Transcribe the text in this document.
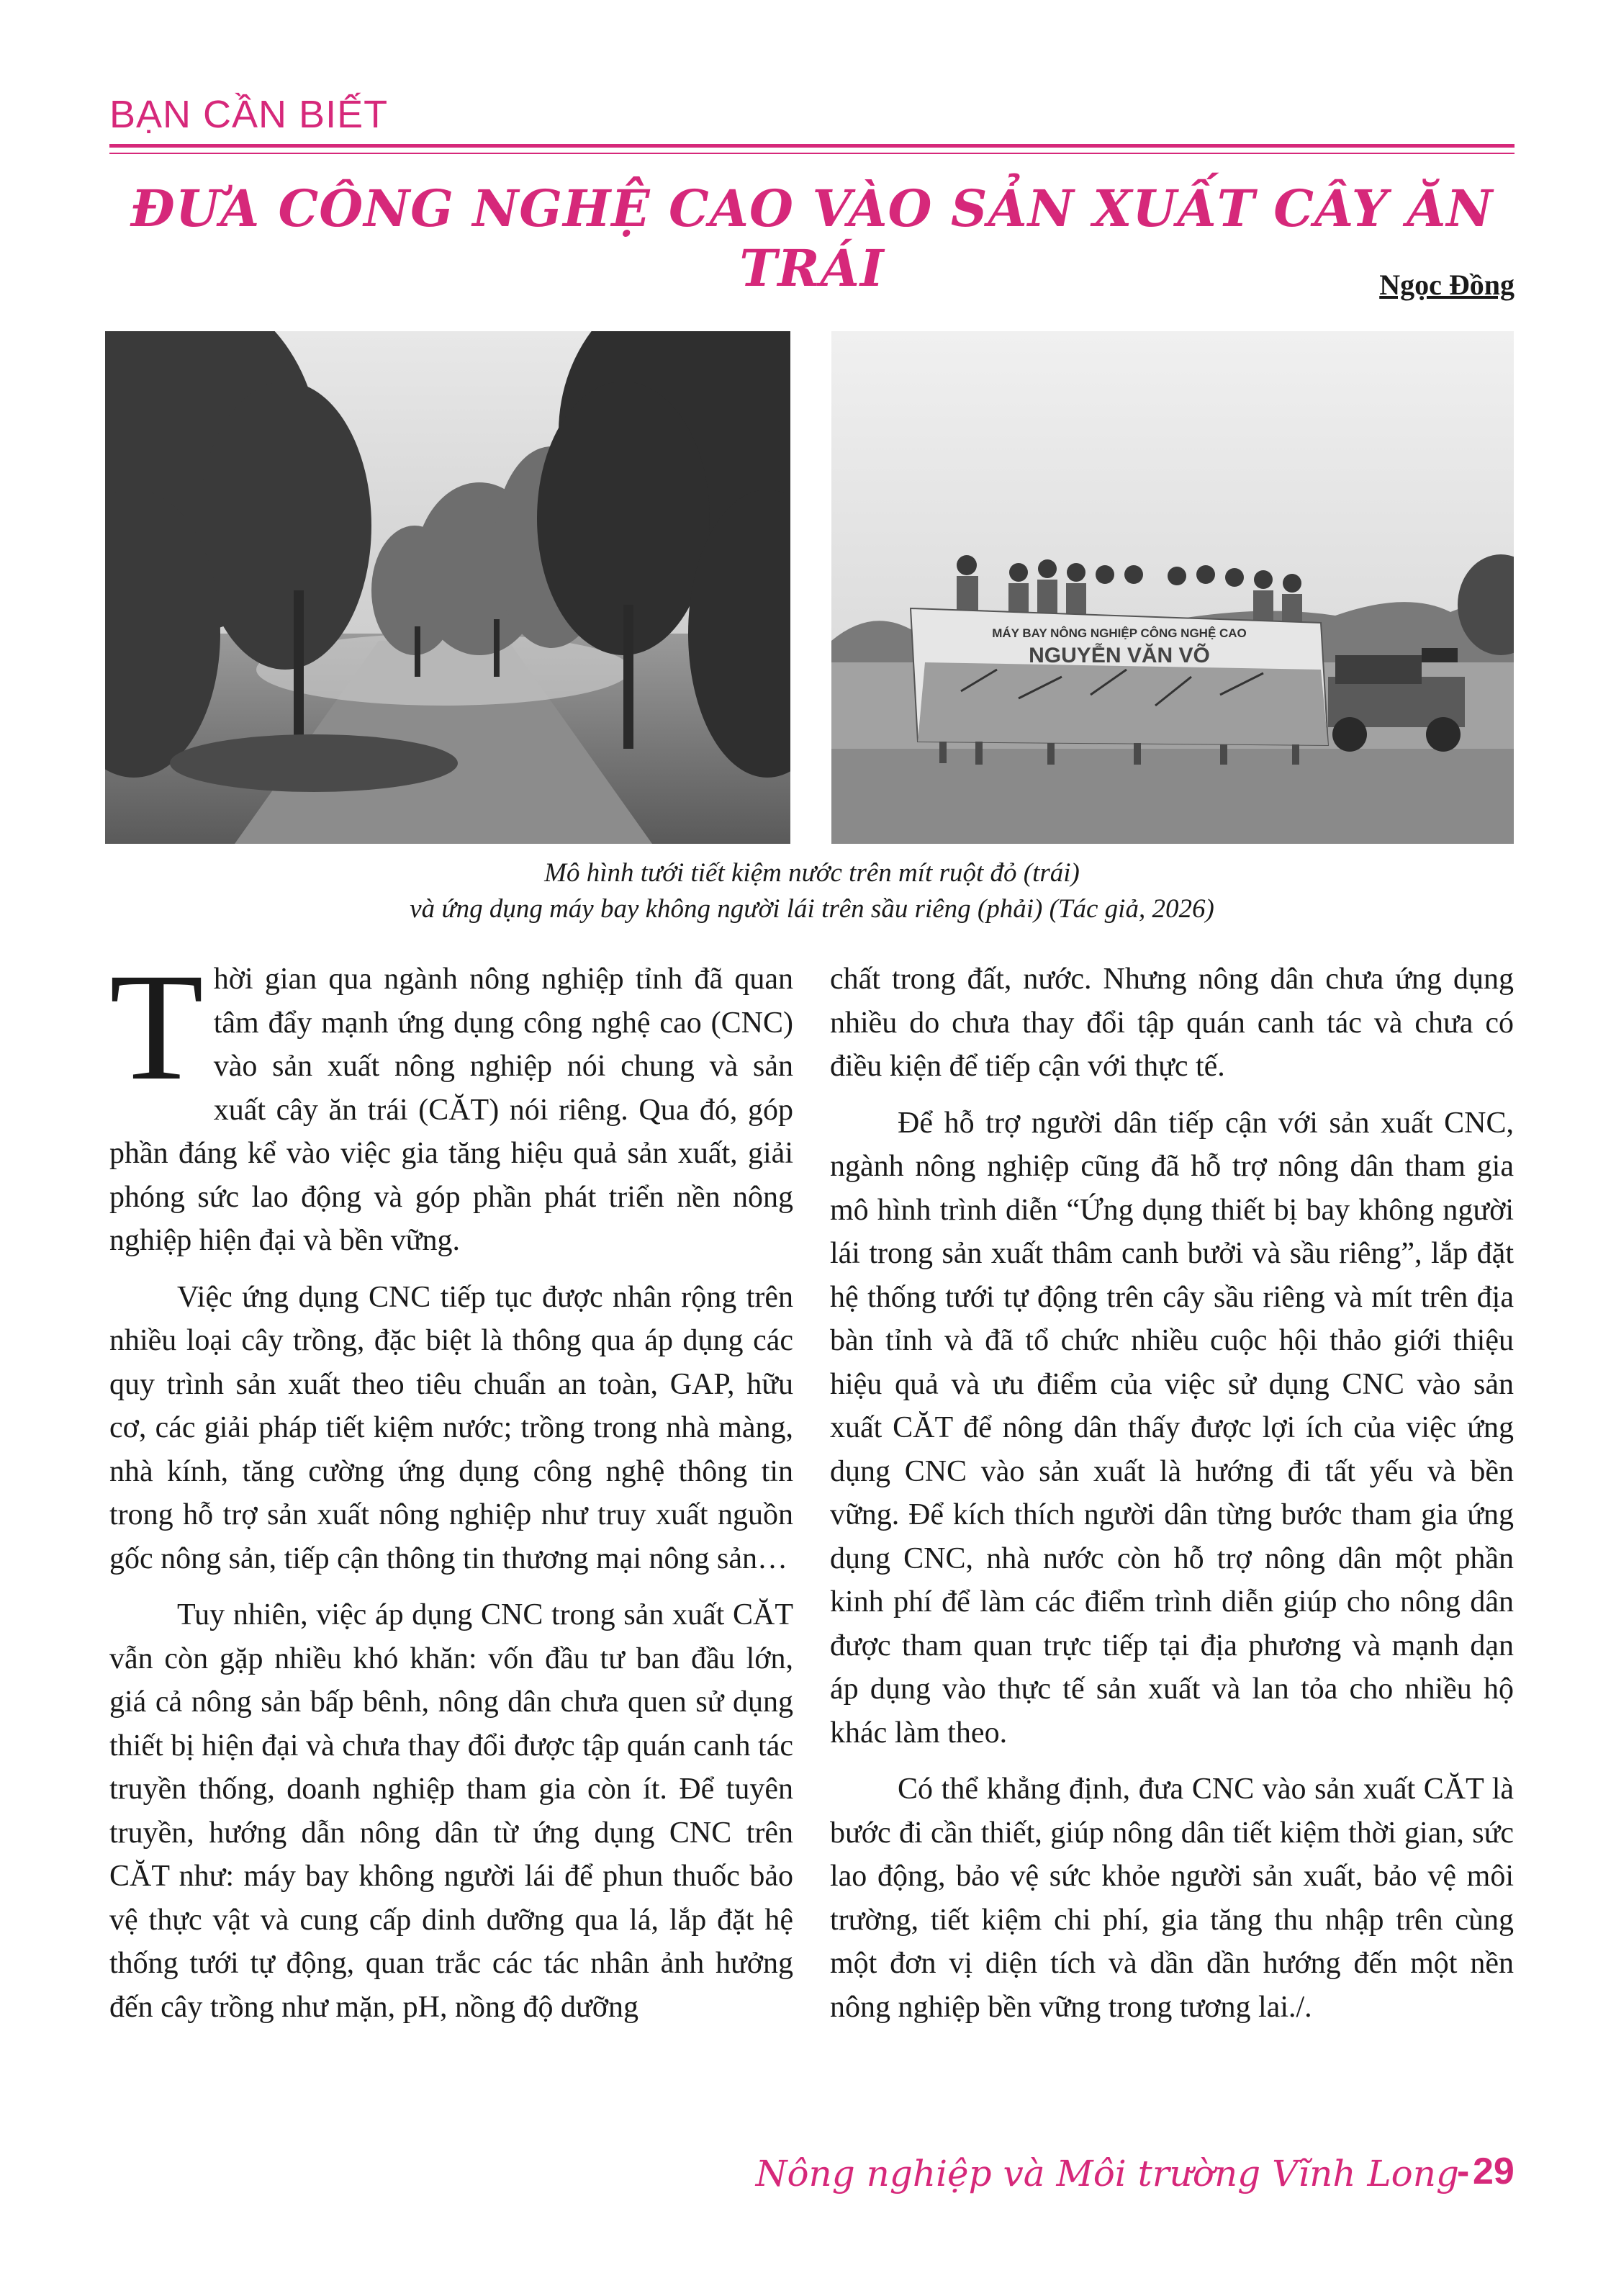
BẠN CẦN BIẾT
ĐƯA CÔNG NGHỆ CAO VÀO SẢN XUẤT CÂY ĂN TRÁI	Ngọc Đồng
MÁY BAY NÔNG NGHIỆP CÔNG NGHỆ CAO
NGUYỄN VĂN VÕ
Mô hình tưới tiết kiệm nước trên mít ruột đỏ (trái)
và ứng dụng máy bay không người lái trên sầu riêng (phải) (Tác giả, 2026)

Thời gian qua ngành nông nghiệp tỉnh đã quan tâm đẩy mạnh ứng dụng công nghệ cao (CNC) vào sản xuất nông nghiệp nói chung và sản xuất cây ăn trái (CĂT) nói riêng. Qua đó, góp phần đáng kể vào việc gia tăng hiệu quả sản xuất, giải phóng sức lao động và góp phần phát triển nền nông nghiệp hiện đại và bền vững.

Việc ứng dụng CNC tiếp tục được nhân rộng trên nhiều loại cây trồng, đặc biệt là thông qua áp dụng các quy trình sản xuất theo tiêu chuẩn an toàn, GAP, hữu cơ, các giải pháp tiết kiệm nước; trồng trong nhà màng, nhà kính, tăng cường ứng dụng công nghệ thông tin trong hỗ trợ sản xuất nông nghiệp như truy xuất nguồn gốc nông sản, tiếp cận thông tin thương mại nông sản…

Tuy nhiên, việc áp dụng CNC trong sản xuất CĂT vẫn còn gặp nhiều khó khăn: vốn đầu tư ban đầu lớn, giá cả nông sản bấp bênh, nông dân chưa quen sử dụng thiết bị hiện đại và chưa thay đổi được tập quán canh tác truyền thống, doanh nghiệp tham gia còn ít. Để tuyên truyền, hướng dẫn nông dân từ ứng dụng CNC trên CĂT như: máy bay không người lái để phun thuốc bảo vệ thực vật và cung cấp dinh dưỡng qua lá, lắp đặt hệ thống tưới tự động, quan trắc các tác nhân ảnh hưởng đến cây trồng như mặn, pH, nồng độ dưỡng

chất trong đất, nước. Nhưng nông dân chưa ứng dụng nhiều do chưa thay đổi tập quán canh tác và chưa có điều kiện để tiếp cận với thực tế.

Để hỗ trợ người dân tiếp cận với sản xuất CNC, ngành nông nghiệp cũng đã hỗ trợ nông dân tham gia mô hình trình diễn “Ứng dụng thiết bị bay không người lái trong sản xuất thâm canh bưởi và sầu riêng”, lắp đặt hệ thống tưới tự động trên cây sầu riêng và mít trên địa bàn tỉnh và đã tổ chức nhiều cuộc hội thảo giới thiệu hiệu quả và ưu điểm của việc sử dụng CNC vào sản xuất CĂT để nông dân thấy được lợi ích của việc ứng dụng CNC vào sản xuất là hướng đi tất yếu và bền vững. Để kích thích người dân từng bước tham gia ứng dụng CNC, nhà nước còn hỗ trợ nông dân một phần kinh phí để làm các điểm trình diễn giúp cho nông dân được tham quan trực tiếp tại địa phương và mạnh dạn áp dụng vào thực tế sản xuất và lan tỏa cho nhiều hộ khác làm theo.

Có thể khẳng định, đưa CNC vào sản xuất CĂT là bước đi cần thiết, giúp nông dân tiết kiệm thời gian, sức lao động, bảo vệ sức khỏe người sản xuất, bảo vệ môi trường, tiết kiệm chi phí, gia tăng thu nhập trên cùng một đơn vị diện tích và dần dần hướng đến một nền nông nghiệp bền vững trong tương lai./.

Nông nghiệp và Môi trường Vĩnh Long
- 29
